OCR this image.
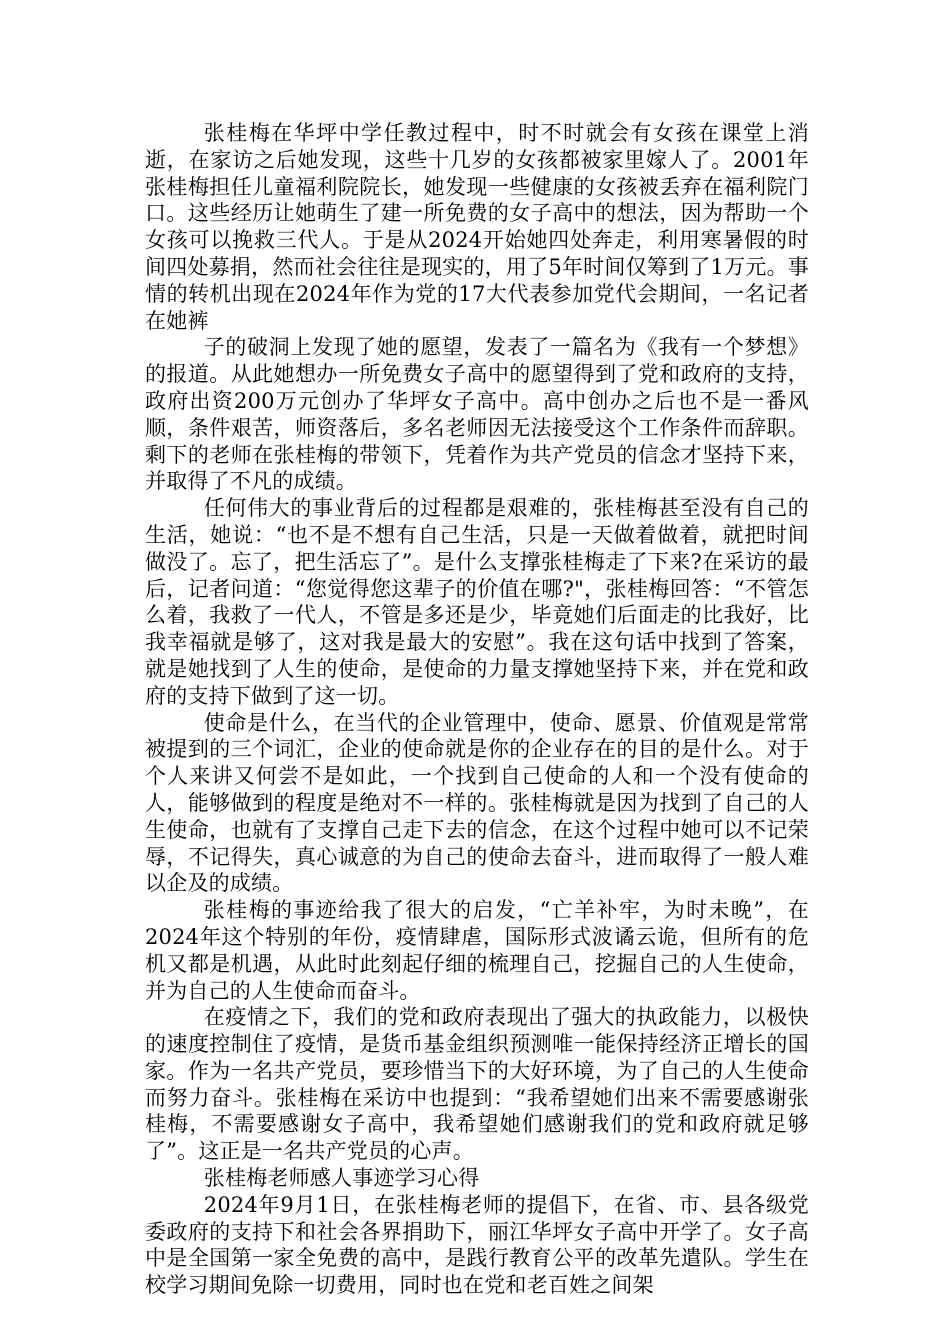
张桂梅在华坪中学任教过程中，时不时就会有女孩在课堂上消逝，在家访之后她发现，这些十几岁的女孩都被家里嫁人了。2001年张桂梅担任儿童福利院院长，她发现一些健康的女孩被丢弃在福利院门口。这些经历让她萌生了建一所免费的女子高中的想法，因为帮助一个女孩可以挽救三代人。于是从2024开始她四处奔走，利用寒暑假的时间四处募捐，然而社会往往是现实的，用了5年时间仅筹到了1万元。事情的转机出现在2024年作为党的17大代表参加党代会期间，一名记者在她裤

子的破洞上发现了她的愿望，发表了一篇名为《我有一个梦想》的报道。从此她想办一所免费女子高中的愿望得到了党和政府的支持，政府出资200万元创办了华坪女子高中。高中创办之后也不是一番风顺，条件艰苦，师资落后，多名老师因无法接受这个工作条件而辞职。剩下的老师在张桂梅的带领下，凭着作为共产党员的信念才坚持下来，并取得了不凡的成绩。

任何伟大的事业背后的过程都是艰难的，张桂梅甚至没有自己的生活，她说：“也不是不想有自己生活，只是一天做着做着，就把时间做没了。忘了，把生活忘了”。是什么支撑张桂梅走了下来?在采访的最后，记者问道：“您觉得您这辈子的价值在哪?"，张桂梅回答：“不管怎么着，我救了一代人，不管是多还是少，毕竟她们后面走的比我好，比我幸福就是够了，这对我是最大的安慰”。我在这句话中找到了答案，就是她找到了人生的使命，是使命的力量支撑她坚持下来，并在党和政府的支持下做到了这一切。

使命是什么，在当代的企业管理中，使命、愿景、价值观是常常被提到的三个词汇，企业的使命就是你的企业存在的目的是什么。对于个人来讲又何尝不是如此，一个找到自己使命的人和一个没有使命的人，能够做到的程度是绝对不一样的。张桂梅就是因为找到了自己的人生使命，也就有了支撑自己走下去的信念，在这个过程中她可以不记荣辱，不记得失，真心诚意的为自己的使命去奋斗，进而取得了一般人难以企及的成绩。

张桂梅的事迹给我了很大的启发，“亡羊补牢，为时未晚”，在2024年这个特别的年份，疫情肆虐，国际形式波谲云诡，但所有的危机又都是机遇，从此时此刻起仔细的梳理自己，挖掘自己的人生使命，并为自己的人生使命而奋斗。

在疫情之下，我们的党和政府表现出了强大的执政能力，以极快的速度控制住了疫情，是货币基金组织预测唯一能保持经济正增长的国家。作为一名共产党员，要珍惜当下的大好环境，为了自己的人生使命而努力奋斗。张桂梅在采访中也提到：“我希望她们出来不需要感谢张桂梅，不需要感谢女子高中，我希望她们感谢我们的党和政府就足够了”。这正是一名共产党员的心声。

张桂梅老师感人事迹学习心得

2024年9月1日，在张桂梅老师的提倡下，在省、市、县各级党委政府的支持下和社会各界捐助下，丽江华坪女子高中开学了。女子高中是全国第一家全免费的高中，是践行教育公平的改革先遣队。学生在校学习期间免除一切费用，同时也在党和老百姓之间架
